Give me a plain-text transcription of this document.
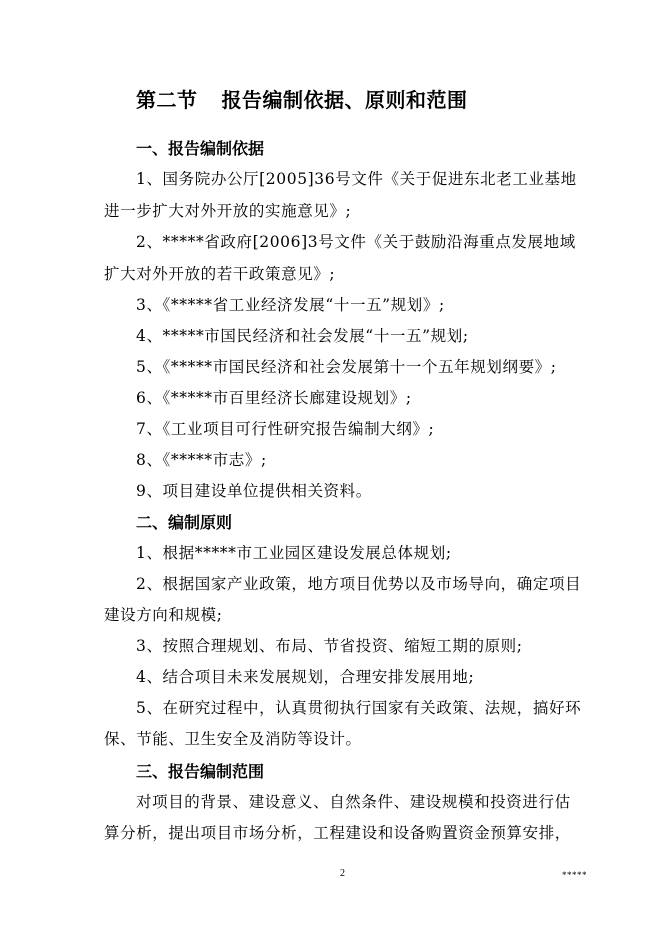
第二节 报告编制依据、原则和范围
一、报告编制依据
1、国务院办公厅[2005]36号文件《关于促进东北老工业基地
进一步扩大对外开放的实施意见》;
2、*****省政府[2006]3号文件《关于鼓励沿海重点发展地域
扩大对外开放的若干政策意见》;
3、《*****省工业经济发展“十一五”规划》;
4、*****市国民经济和社会发展“十一五”规划;
5、《*****市国民经济和社会发展第十一个五年规划纲要》;
6、《*****市百里经济长廊建设规划》;
7、《工业项目可行性研究报告编制大纲》;
8、《*****市志》;
9、项目建设单位提供相关资料。
二、编制原则
1、根据*****市工业园区建设发展总体规划;
2、根据国家产业政策，地方项目优势以及市场导向，确定项目
建设方向和规模;
3、按照合理规划、布局、节省投资、缩短工期的原则;
4、结合项目未来发展规划，合理安排发展用地;
5、在研究过程中，认真贯彻执行国家有关政策、法规，搞好环
保、节能、卫生安全及消防等设计。
三、报告编制范围
对项目的背景、建设意义、自然条件、建设规模和投资进行估
算分析，提出项目市场分析，工程建设和设备购置资金预算安排，
2	*****
